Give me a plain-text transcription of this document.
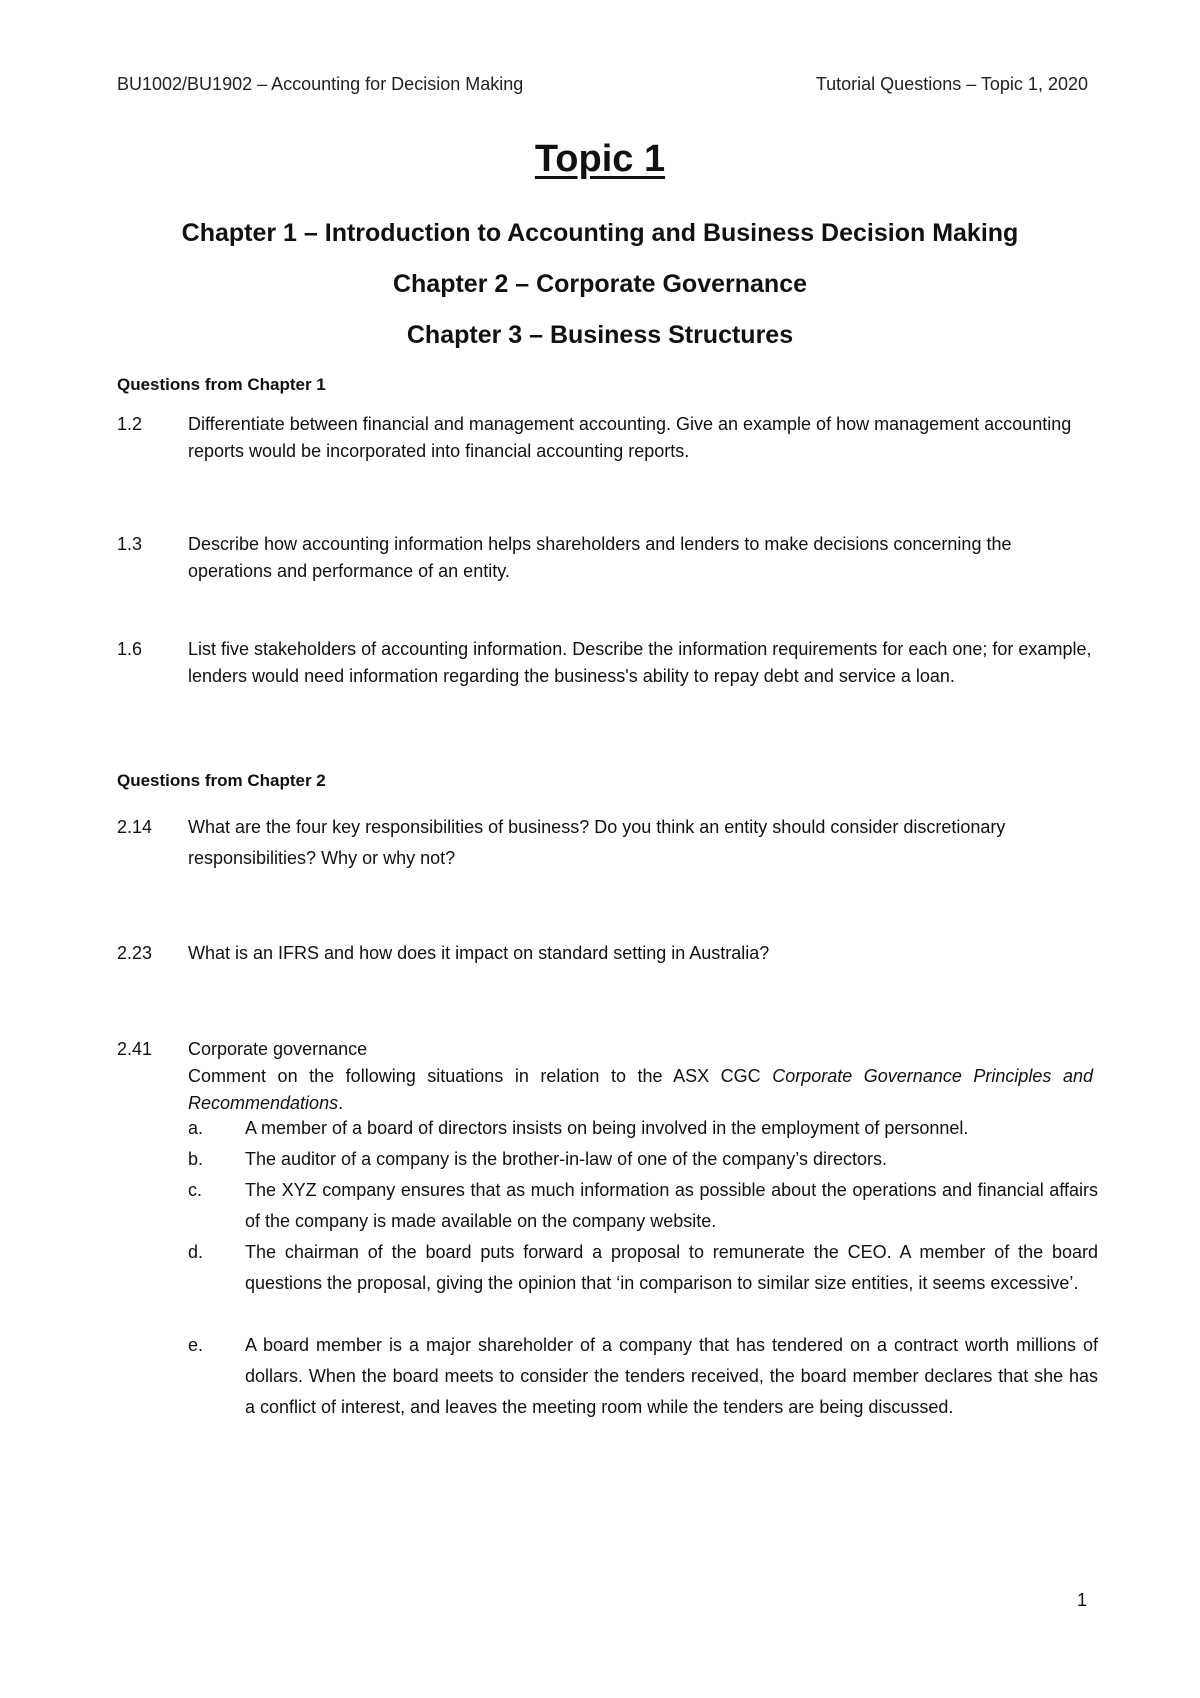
BU1002/BU1902 – Accounting for Decision Making	Tutorial Questions – Topic 1, 2020
Topic 1
Chapter 1 – Introduction to Accounting and Business Decision Making
Chapter 2 – Corporate Governance
Chapter 3 – Business Structures
Questions from Chapter 1
1.2	Differentiate between financial and management accounting. Give an example of how management accounting reports would be incorporated into financial accounting reports.
1.3	Describe how accounting information helps shareholders and lenders to make decisions concerning the operations and performance of an entity.
1.6	List five stakeholders of accounting information. Describe the information requirements for each one; for example, lenders would need information regarding the business's ability to repay debt and service a loan.
Questions from Chapter 2
2.14 What are the four key responsibilities of business? Do you think an entity should consider discretionary responsibilities? Why or why not?
2.23 What is an IFRS and how does it impact on standard setting in Australia?
2.41 Corporate governance
Comment on the following situations in relation to the ASX CGC Corporate Governance Principles and Recommendations.
a. A member of a board of directors insists on being involved in the employment of personnel.
b. The auditor of a company is the brother-in-law of one of the company’s directors.
c. The XYZ company ensures that as much information as possible about the operations and financial affairs of the company is made available on the company website.
d. The chairman of the board puts forward a proposal to remunerate the CEO. A member of the board questions the proposal, giving the opinion that ‘in comparison to similar size entities, it seems excessive’.
e. A board member is a major shareholder of a company that has tendered on a contract worth millions of dollars. When the board meets to consider the tenders received, the board member declares that she has a conflict of interest, and leaves the meeting room while the tenders are being discussed.
1
